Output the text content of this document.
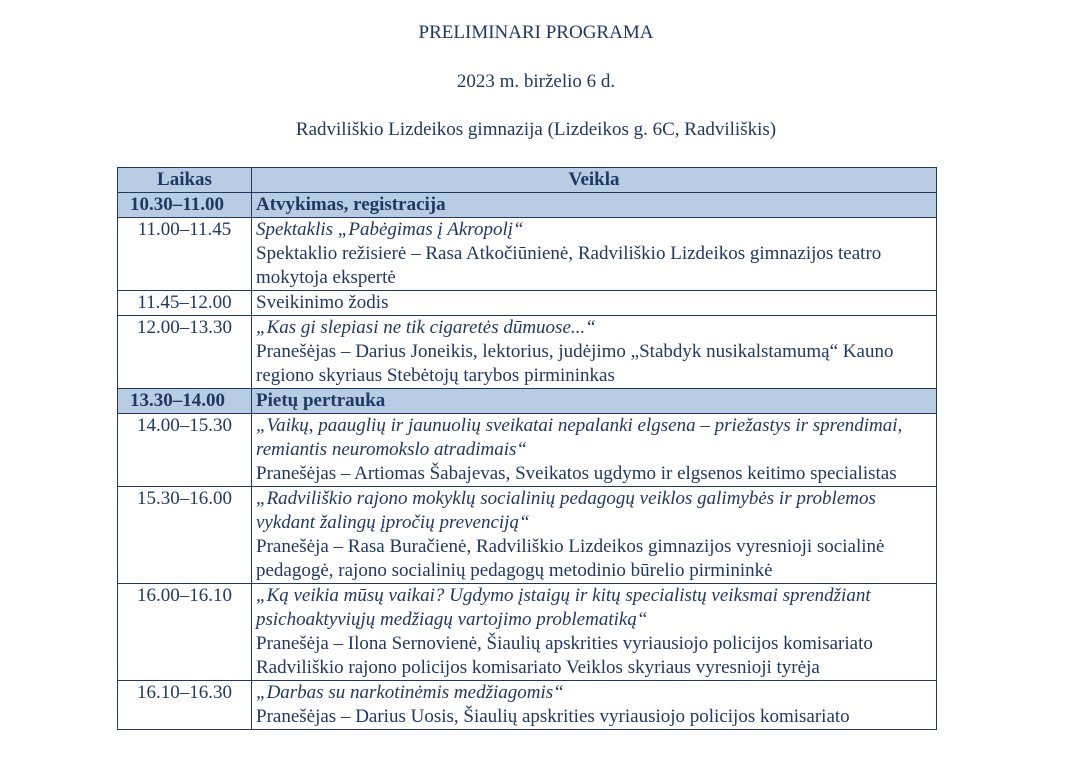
PRELIMINARI PROGRAMA
2023 m. birželio 6 d.
Radviliškio Lizdeikos gimnazija (Lizdeikos g. 6C, Radviliškis)
Laikas	Veikla
10.30–11.00	Atvykimas, registracija
11.00–11.45	Spektaklis „Pabėgimas į Akropolį“
Spektaklio režisierė – Rasa Atkočiūnienė, Radviliškio Lizdeikos gimnazijos teatro mokytoja ekspertė

11.45–12.00	Sveikinimo žodis
12.00–13.30	„Kas gi slepiasi ne tik cigaretės dūmuose...“
Pranešėjas – Darius Joneikis, lektorius, judėjimo „Stabdyk nusikalstamumą“ Kauno regiono skyriaus Stebėtojų tarybos pirmininkas

13.30–14.00	Pietų pertrauka
14.00–15.30	„Vaikų, paauglių ir jaunuolių sveikatai nepalanki elgsena – priežastys ir sprendimai, remiantis neuromokslo atradimais“
Pranešėjas – Artiomas Šabajevas, Sveikatos ugdymo ir elgsenos keitimo specialistas

15.30–16.00	„Radviliškio rajono mokyklų socialinių pedagogų veiklos galimybės ir problemos vykdant žalingų įpročių prevenciją“
Pranešėja – Rasa Buračienė, Radviliškio Lizdeikos gimnazijos vyresnioji socialinė pedagogė, rajono socialinių pedagogų metodinio būrelio pirmininkė

16.00–16.10	„Ką veikia mūsų vaikai? Ugdymo įstaigų ir kitų specialistų veiksmai sprendžiant psichoaktyviųjų medžiagų vartojimo problematiką“
Pranešėja – Ilona Sernovienė, Šiaulių apskrities vyriausiojo policijos komisariato Radviliškio rajono policijos komisariato Veiklos skyriaus vyresnioji tyrėja

16.10–16.30	„Darbas su narkotinėmis medžiagomis“
Pranešėjas – Darius Uosis, Šiaulių apskrities vyriausiojo policijos komisariato
